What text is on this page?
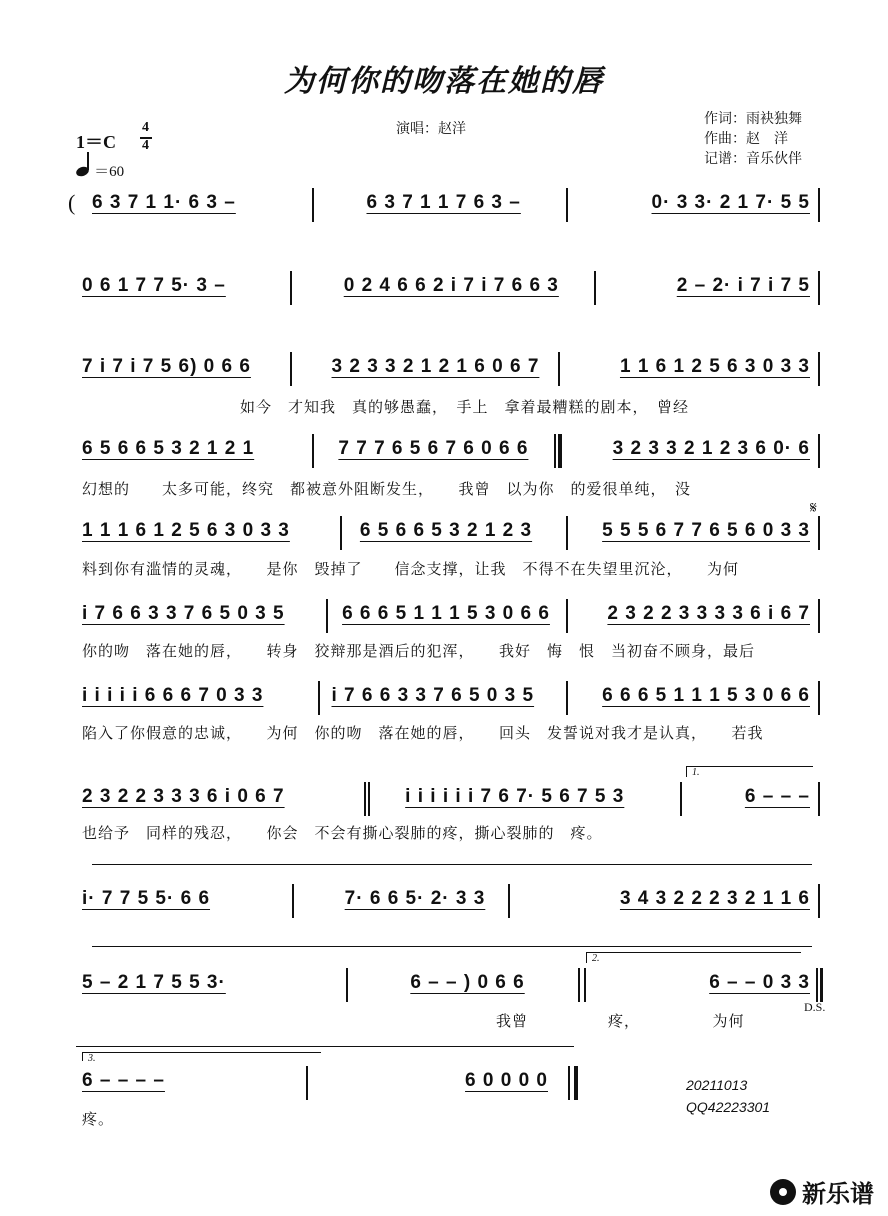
为何你的吻落在她的唇
演唱：赵洋
作词：雨袂独舞
作曲：赵　洋
记谱：音乐伙伴
1＝C
4
4
＝60
( 6 3 7 1 1· 6 3 –	6 3 7 1 1 7 6 3 –	0· 3 3· 2 1 7· 5 5
0 6 1 7 7 5· 3 –	0 2 4 6 6 2 i 7 i 7 6 6 3	2 – 2· i 7 i 7 5
7 i 7 i 7 5 6) 0 6 6	3 2 3 3 2 1 2 1 6 0 6 7	1 1 6 1 2 5 6 3 0 3 3
如今　才知我　真的够愚蠢，　手上　拿着最糟糕的剧本，　曾经
6 5 6 6 5 3 2 1 2 1	7 7 7 6 5 6 7 6 0 6 6	3 2 3 3 2 1 2 3 6 0· 6
幻想的　　太多可能，终究　都被意外阻断发生，　　我曾　以为你　的爱很单纯，　没
1 1 1 6 1 2 5 6 3 0 3 3	6 5 6 6 5 3 2 1 2 3	5 5 5 6 7 7 6 5 6 0 3 3
𝄋
料到你有滥情的灵魂，　　是你　毁掉了　　信念支撑，让我　不得不在失望里沉沦，　　为何
i 7 6 6 3 3 7 6 5 0 3 5	6 6 6 5 1 1 1 5 3 0 6 6	2 3 2 2 3 3 3 3 6 i 6 7
你的吻　落在她的唇，　　转身　狡辩那是酒后的犯浑，　　我好　悔　恨　当初奋不顾身，最后
i i i i i 6 6 6 7 0 3 3	i 7 6 6 3 3 7 6 5 0 3 5	6 6 6 5 1 1 1 5 3 0 6 6
陷入了你假意的忠诚，　　为何　你的吻　落在她的唇，　　回头　发誓说对我才是认真，　　若我
1.
2 3 2 2 3 3 3 6 i 0 6 7	i i i i i i 7 6 7· 5 6 7 5 3	6 – – –
也给予　同样的残忍，　　你会　不会有撕心裂肺的疼，撕心裂肺的　疼。
i· 7 7 5 5· 6 6	7· 6 6 5· 2· 3 3	3 4 3 2 2 2 3 2 1 1 6
2.
5 – 2 1 7 5 5 3·	6 – – ) 0 6 6	6 – – 0 3 3
D.S.
我曾　　　　　疼，　　　　　为何
3.
6 – – – –	6 0 0 0 0
疼。
20211013
QQ42223301
新乐谱
